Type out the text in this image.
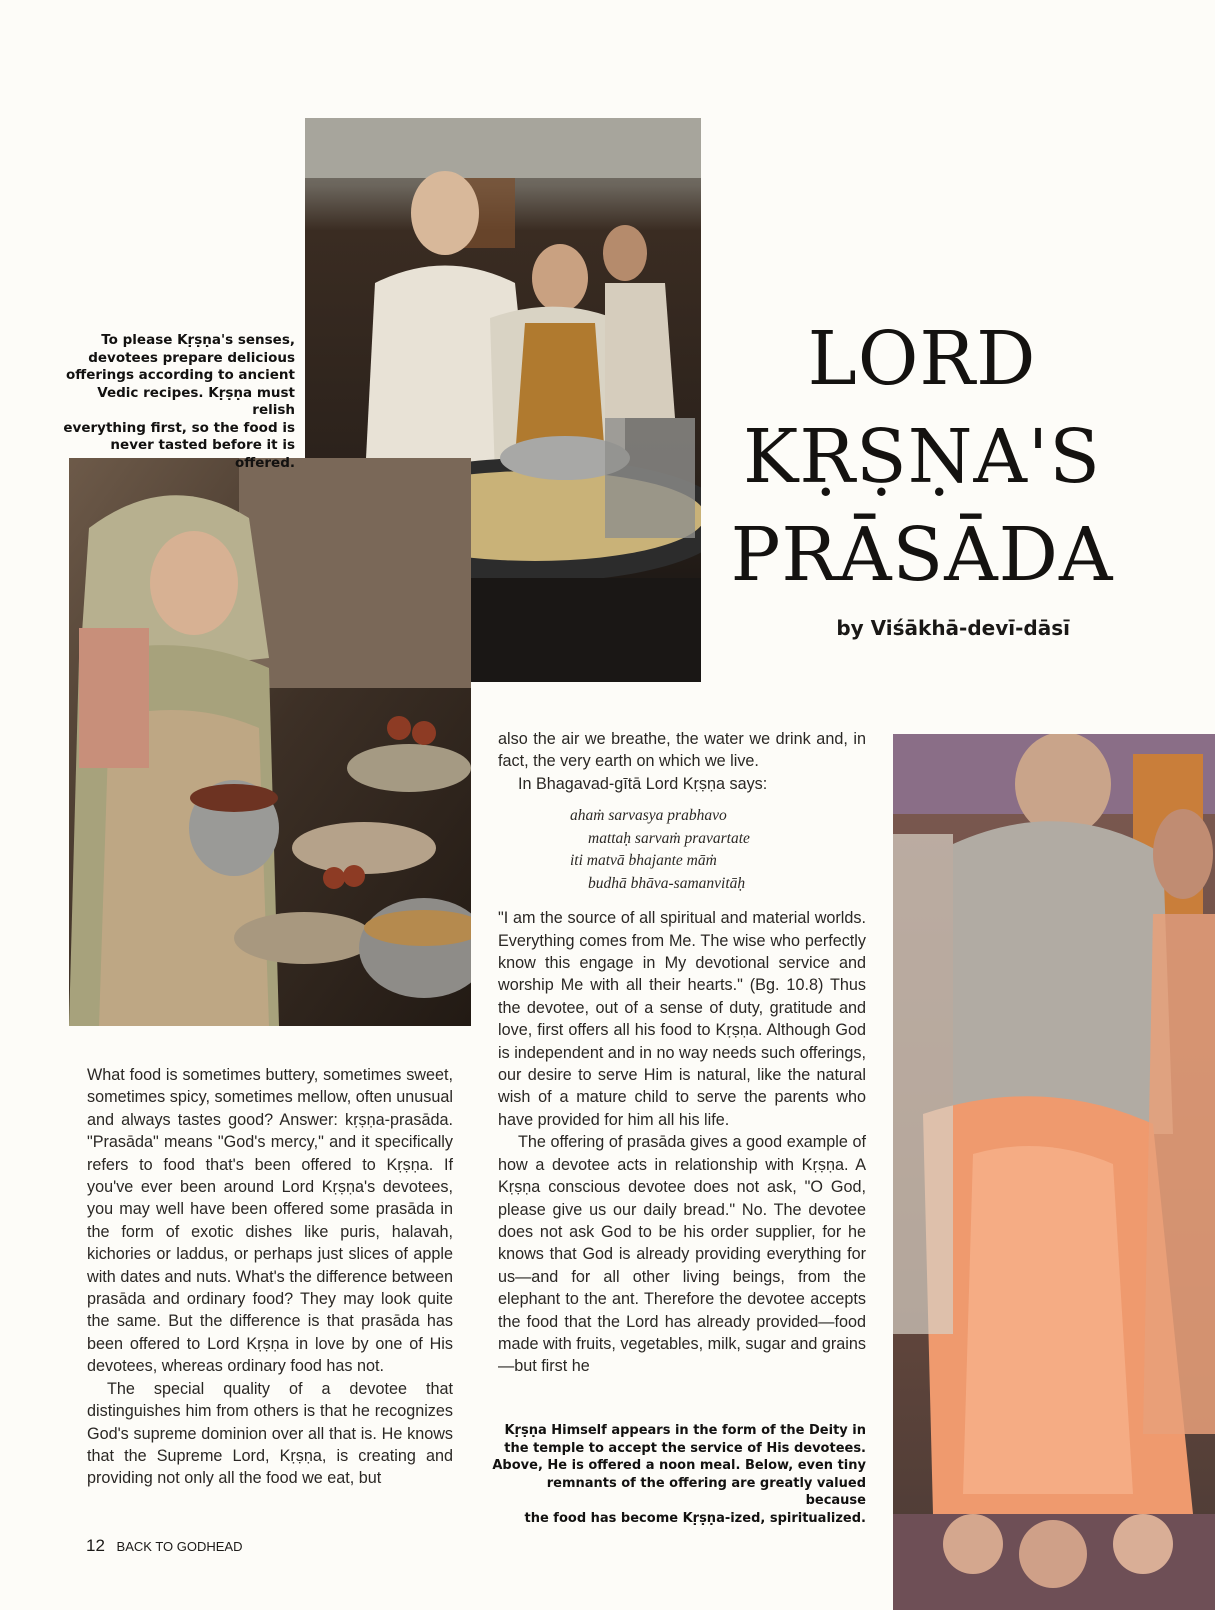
To please Kṛṣṇa's senses,
devotees prepare delicious
offerings according to ancient
Vedic recipes. Kṛṣṇa must relish
everything first, so the food is
never tasted before it is offered.
LORD
KṚṢṆA'S
PRĀSĀDA
by Viśākhā-devī-dāsī

also the air we breathe, the water we drink and, in fact, the very earth on which we live.

In Bhagavad-gītā Lord Kṛṣṇa says:

ahaṁ sarvasya prabhavo
mattaḥ sarvaṁ pravartate
iti matvā bhajante māṁ
budhā bhāva-samanvitāḥ

"I am the source of all spiritual and material worlds. Everything comes from Me. The wise who perfectly know this engage in My devotional service and worship Me with all their hearts." (Bg. 10.8) Thus the devotee, out of a sense of duty, gratitude and love, first offers all his food to Kṛṣṇa. Although God is independent and in no way needs such offerings, our desire to serve Him is natural, like the natural wish of a mature child to serve the parents who have provided for him all his life.

The offering of prasāda gives a good example of how a devotee acts in relationship with Kṛṣṇa. A Kṛṣṇa conscious devotee does not ask, "O God, please give us our daily bread." No. The devotee does not ask God to be his order supplier, for he knows that God is already providing everything for us—and for all other living beings, from the elephant to the ant. Therefore the devotee accepts the food that the Lord has already provided—food made with fruits, vegetables, milk, sugar and grains—but first he

What food is sometimes buttery, sometimes sweet, sometimes spicy, sometimes mellow, often unusual and always tastes good? Answer: kṛṣṇa-prasāda. "Prasāda" means "God's mercy," and it specifically refers to food that's been offered to Kṛṣṇa. If you've ever been around Lord Kṛṣṇa's devotees, you may well have been offered some prasāda in the form of exotic dishes like puris, halavah, kichories or laddus, or perhaps just slices of apple with dates and nuts. What's the difference between prasāda and ordinary food? They may look quite the same. But the difference is that prasāda has been offered to Lord Kṛṣṇa in love by one of His devotees, whereas ordinary food has not.

The special quality of a devotee that distinguishes him from others is that he recognizes God's supreme dominion over all that is. He knows that the Supreme Lord, Kṛṣṇa, is creating and providing not only all the food we eat, but

Kṛṣṇa Himself appears in the form of the Deity in
the temple to accept the service of His devotees.
Above, He is offered a noon meal. Below, even tiny
remnants of the offering are greatly valued because
the food has become Kṛṣṇa-ized, spiritualized.
12 BACK TO GODHEAD
